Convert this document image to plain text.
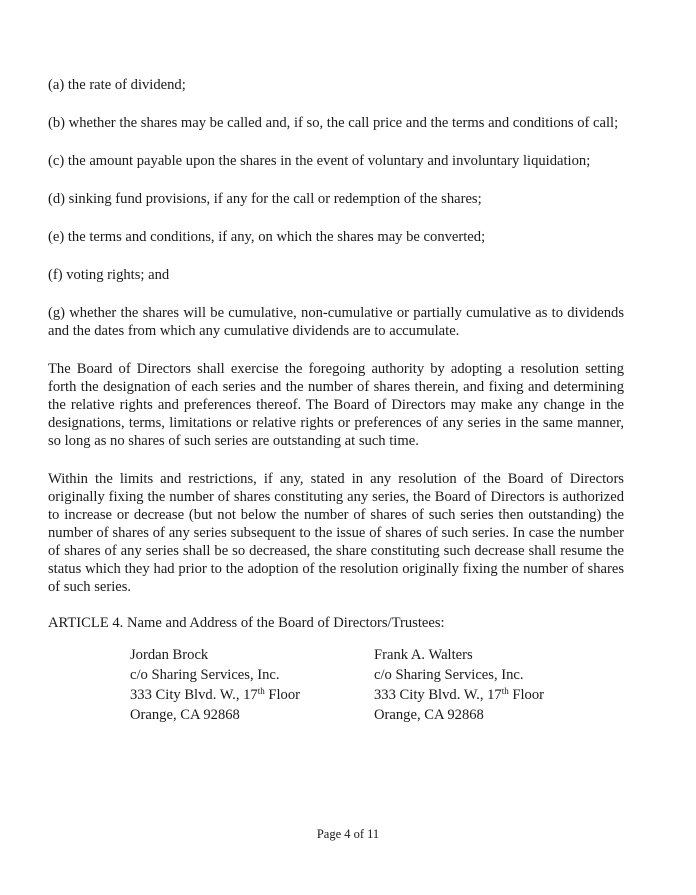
(a) the rate of dividend;

(b) whether the shares may be called and, if so, the call price and the terms and conditions of call;

(c) the amount payable upon the shares in the event of voluntary and involuntary liquidation;

(d) sinking fund provisions, if any for the call or redemption of the shares;

(e) the terms and conditions, if any, on which the shares may be converted;

(f) voting rights; and

(g) whether the shares will be cumulative, non-cumulative or partially cumulative as to dividends and the dates from which any cumulative dividends are to accumulate.

The Board of Directors shall exercise the foregoing authority by adopting a resolution setting forth the designation of each series and the number of shares therein, and fixing and determining the relative rights and preferences thereof. The Board of Directors may make any change in the designations, terms, limitations or relative rights or preferences of any series in the same manner, so long as no shares of such series are outstanding at such time.

Within the limits and restrictions, if any, stated in any resolution of the Board of Directors originally fixing the number of shares constituting any series, the Board of Directors is authorized to increase or decrease (but not below the number of shares of such series then outstanding) the number of shares of any series subsequent to the issue of shares of such series. In case the number of shares of any series shall be so decreased, the share constituting such decrease shall resume the status which they had prior to the adoption of the resolution originally fixing the number of shares of such series.

ARTICLE 4. Name and Address of the Board of Directors/Trustees:

Jordan Brock
c/o Sharing Services, Inc.
333 City Blvd. W., 17th Floor
Orange, CA 92868
Frank A. Walters
c/o Sharing Services, Inc.
333 City Blvd. W., 17th Floor
Orange, CA 92868
Page 4 of 11
